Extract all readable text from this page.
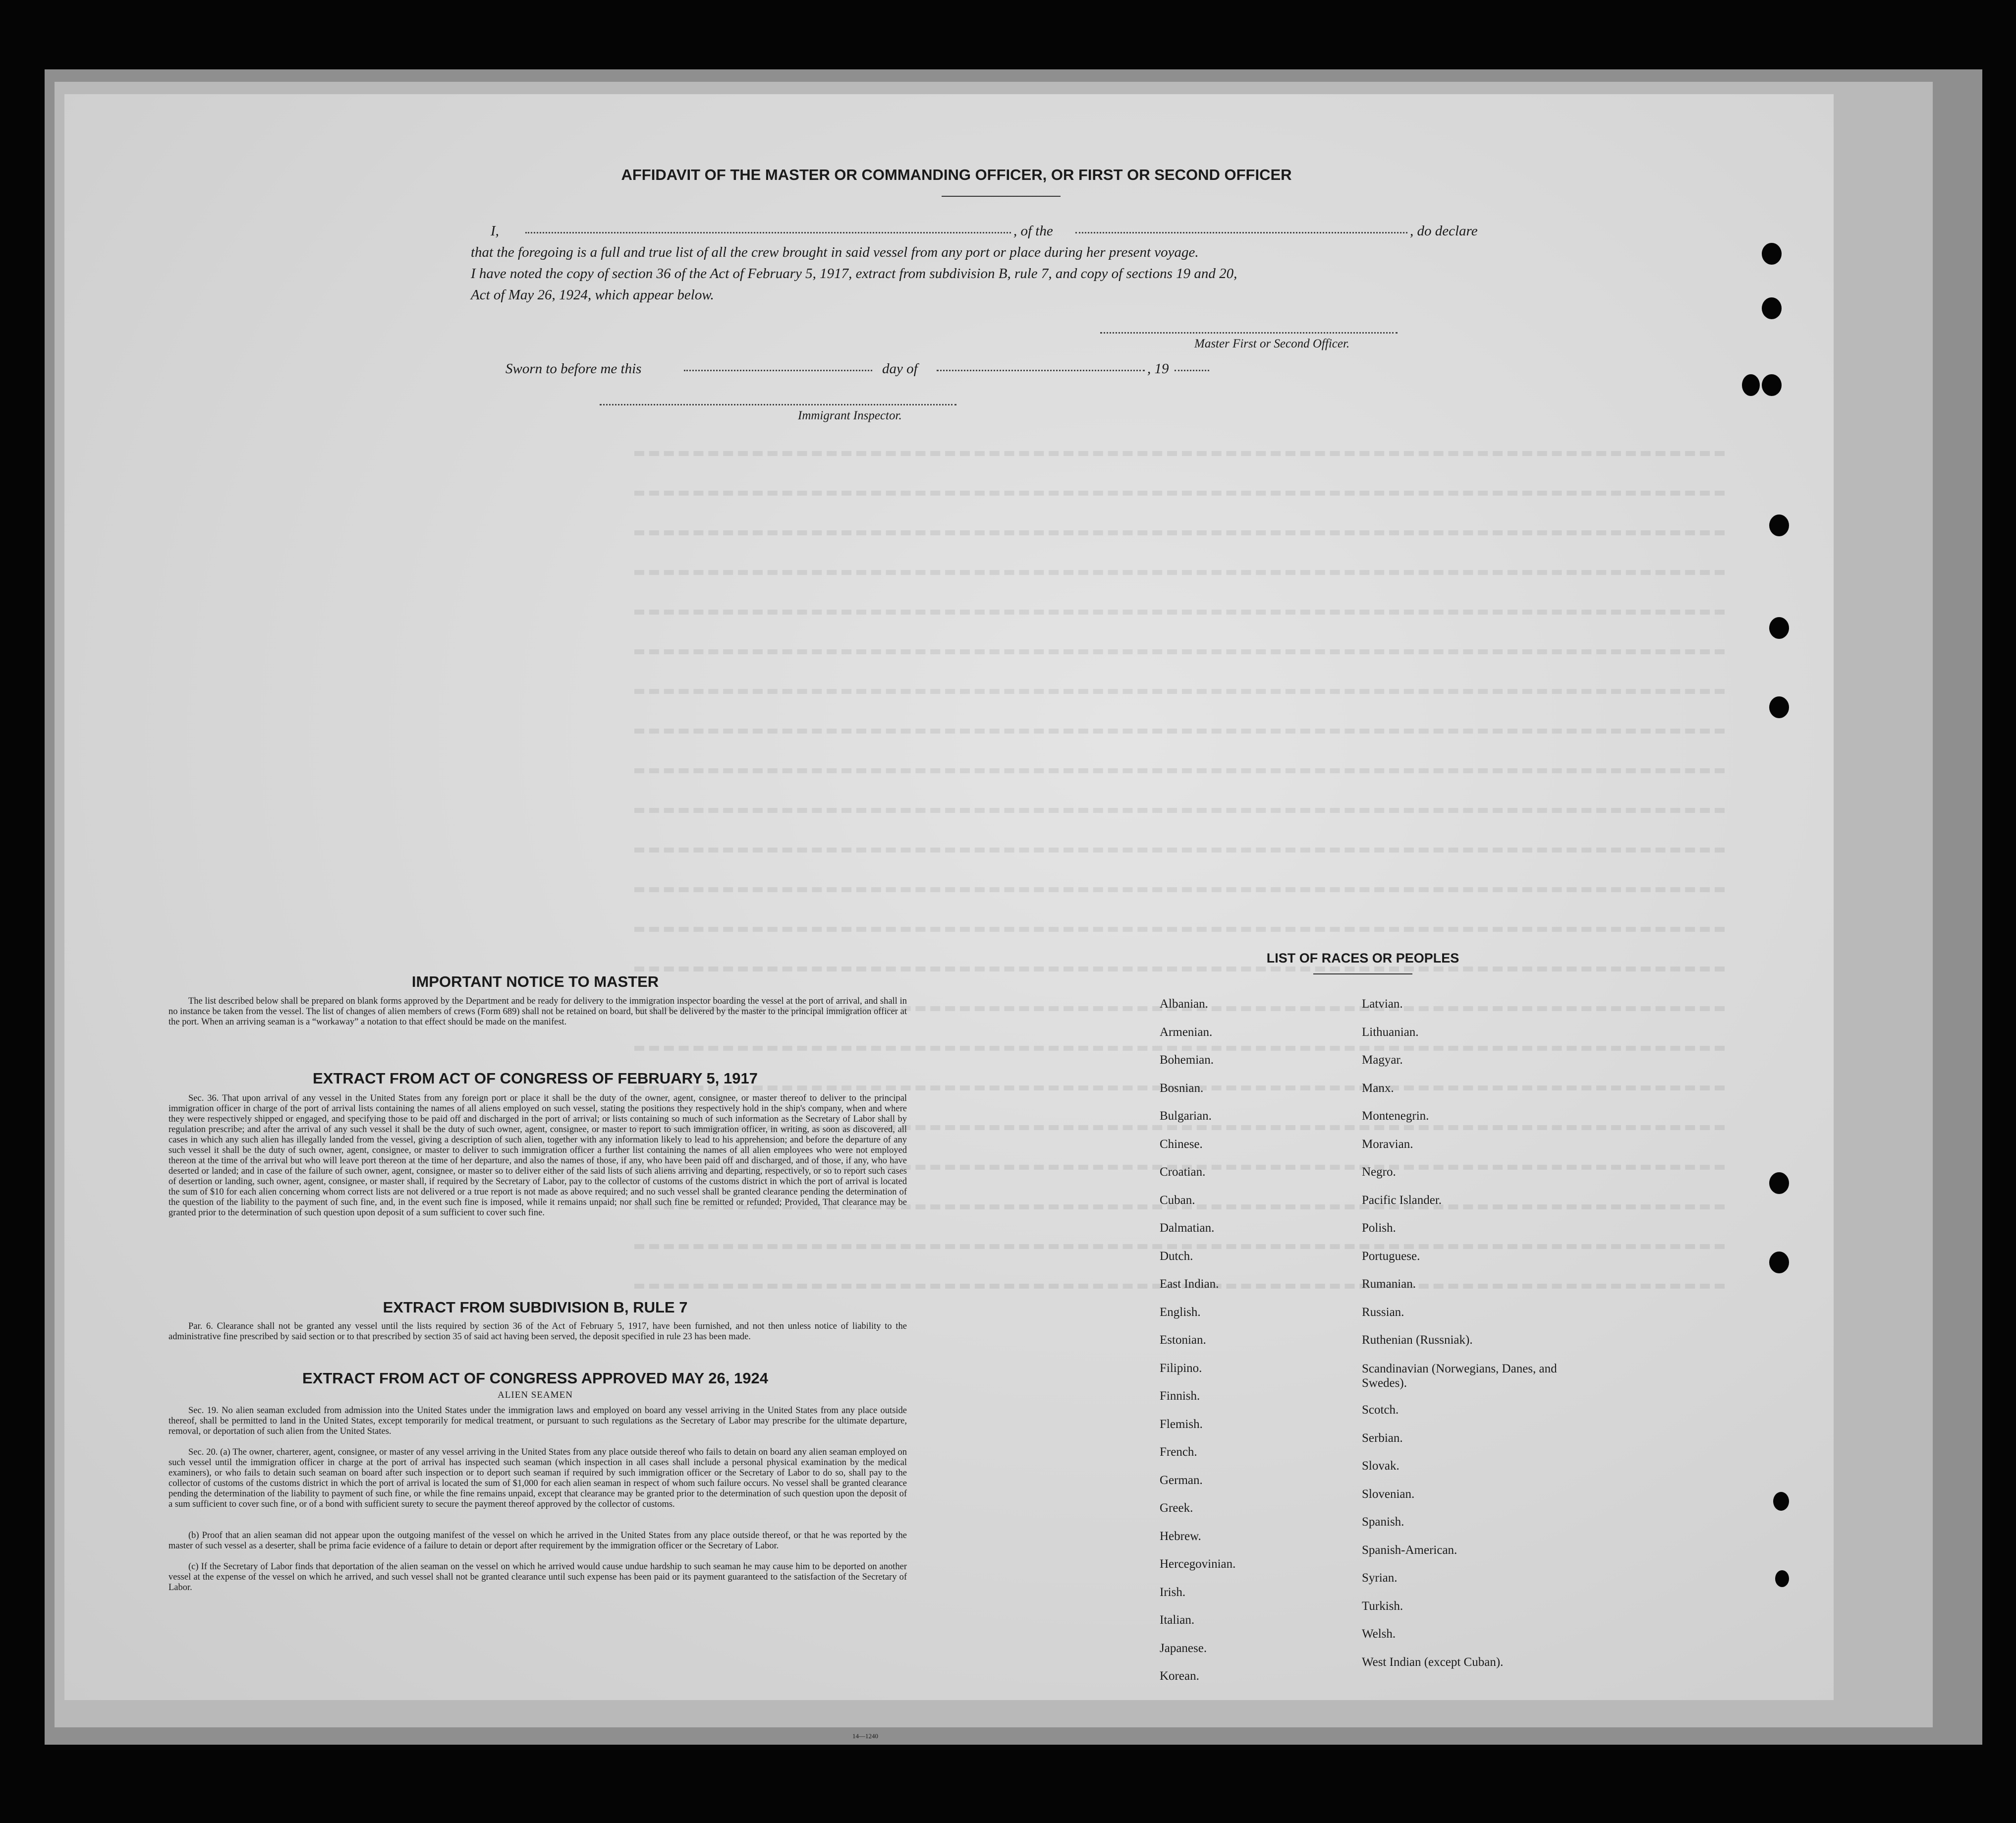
AFFIDAVIT OF THE MASTER OR COMMANDING OFFICER, OR FIRST OR SECOND OFFICER
I,	, of the	, do declare
that the foregoing is a full and true list of all the crew brought in said vessel from any port or place during her present voyage.
I have noted the copy of section 36 of the Act of February 5, 1917, extract from subdivision B, rule 7, and copy of sections 19 and 20,
Act of May 26, 1924, which appear below.
Master First or Second Officer.
Sworn to before me this	day of	, 19
Immigrant Inspector.
IMPORTANT NOTICE TO MASTER
The list described below shall be prepared on blank forms approved by the Department and be ready for delivery to the immigration inspector boarding the vessel at the port of arrival, and shall in no instance be taken from the vessel. The list of changes of alien members of crews (Form 689) shall not be retained on board, but shall be delivered by the master to the principal immigration officer at the port. When an arriving seaman is a “workaway” a notation to that effect should be made on the manifest.
EXTRACT FROM ACT OF CONGRESS OF FEBRUARY 5, 1917
Sec. 36. That upon arrival of any vessel in the United States from any foreign port or place it shall be the duty of the owner, agent, consignee, or master thereof to deliver to the principal immigration officer in charge of the port of arrival lists containing the names of all aliens employed on such vessel, stating the positions they respectively hold in the ship's company, when and where they were respectively shipped or engaged, and specifying those to be paid off and discharged in the port of arrival; or lists containing so much of such information as the Secretary of Labor shall by regulation prescribe; and after the arrival of any such vessel it shall be the duty of such owner, agent, consignee, or master to report to such immigration officer, in writing, as soon as discovered, all cases in which any such alien has illegally landed from the vessel, giving a description of such alien, together with any information likely to lead to his apprehension; and before the departure of any such vessel it shall be the duty of such owner, agent, consignee, or master to deliver to such immigration officer a further list containing the names of all alien employees who were not employed thereon at the time of the arrival but who will leave port thereon at the time of her departure, and also the names of those, if any, who have been paid off and discharged, and of those, if any, who have deserted or landed; and in case of the failure of such owner, agent, consignee, or master so to deliver either of the said lists of such aliens arriving and departing, respectively, or so to report such cases of desertion or landing, such owner, agent, consignee, or master shall, if required by the Secretary of Labor, pay to the collector of customs of the customs district in which the port of arrival is located the sum of $10 for each alien concerning whom correct lists are not delivered or a true report is not made as above required; and no such vessel shall be granted clearance pending the determination of the question of the liability to the payment of such fine, and, in the event such fine is imposed, while it remains unpaid; nor shall such fine be remitted or refunded; Provided, That clearance may be granted prior to the determination of such question upon deposit of a sum sufficient to cover such fine.
EXTRACT FROM SUBDIVISION B, RULE 7
Par. 6. Clearance shall not be granted any vessel until the lists required by section 36 of the Act of February 5, 1917, have been furnished, and not then unless notice of liability to the administrative fine prescribed by said section or to that prescribed by section 35 of said act having been served, the deposit specified in rule 23 has been made.
EXTRACT FROM ACT OF CONGRESS APPROVED MAY 26, 1924
ALIEN SEAMEN
Sec. 19. No alien seaman excluded from admission into the United States under the immigration laws and employed on board any vessel arriving in the United States from any place outside thereof, shall be permitted to land in the United States, except temporarily for medical treatment, or pursuant to such regulations as the Secretary of Labor may prescribe for the ultimate departure, removal, or deportation of such alien from the United States.
Sec. 20. (a) The owner, charterer, agent, consignee, or master of any vessel arriving in the United States from any place outside thereof who fails to detain on board any alien seaman employed on such vessel until the immigration officer in charge at the port of arrival has inspected such seaman (which inspection in all cases shall include a personal physical examination by the medical examiners), or who fails to detain such seaman on board after such inspection or to deport such seaman if required by such immigration officer or the Secretary of Labor to do so, shall pay to the collector of customs of the customs district in which the port of arrival is located the sum of $1,000 for each alien seaman in respect of whom such failure occurs. No vessel shall be granted clearance pending the determination of the liability to payment of such fine, or while the fine remains unpaid, except that clearance may be granted prior to the determination of such question upon the deposit of a sum sufficient to cover such fine, or of a bond with sufficient surety to secure the payment thereof approved by the collector of customs.
(b) Proof that an alien seaman did not appear upon the outgoing manifest of the vessel on which he arrived in the United States from any place outside thereof, or that he was reported by the master of such vessel as a deserter, shall be prima facie evidence of a failure to detain or deport after requirement by the immigration officer or the Secretary of Labor.
(c) If the Secretary of Labor finds that deportation of the alien seaman on the vessel on which he arrived would cause undue hardship to such seaman he may cause him to be deported on another vessel at the expense of the vessel on which he arrived, and such vessel shall not be granted clearance until such expense has been paid or its payment guaranteed to the satisfaction of the Secretary of Labor.
14—1240
LIST OF RACES OR PEOPLES
Albanian.
Armenian.
Bohemian.
Bosnian.
Bulgarian.
Chinese.
Croatian.
Cuban.
Dalmatian.
Dutch.
East Indian.
English.
Estonian.
Filipino.
Finnish.
Flemish.
French.
German.
Greek.
Hebrew.
Hercegovinian.
Irish.
Italian.
Japanese.
Korean.
Latvian.
Lithuanian.
Magyar.
Manx.
Montenegrin.
Moravian.
Negro.
Pacific Islander.
Polish.
Portuguese.
Rumanian.
Russian.
Ruthenian (Russniak).
Scandinavian (Norwegians, Danes, and Swedes).
Scotch.
Serbian.
Slovak.
Slovenian.
Spanish.
Spanish-American.
Syrian.
Turkish.
Welsh.
West Indian (except Cuban).
